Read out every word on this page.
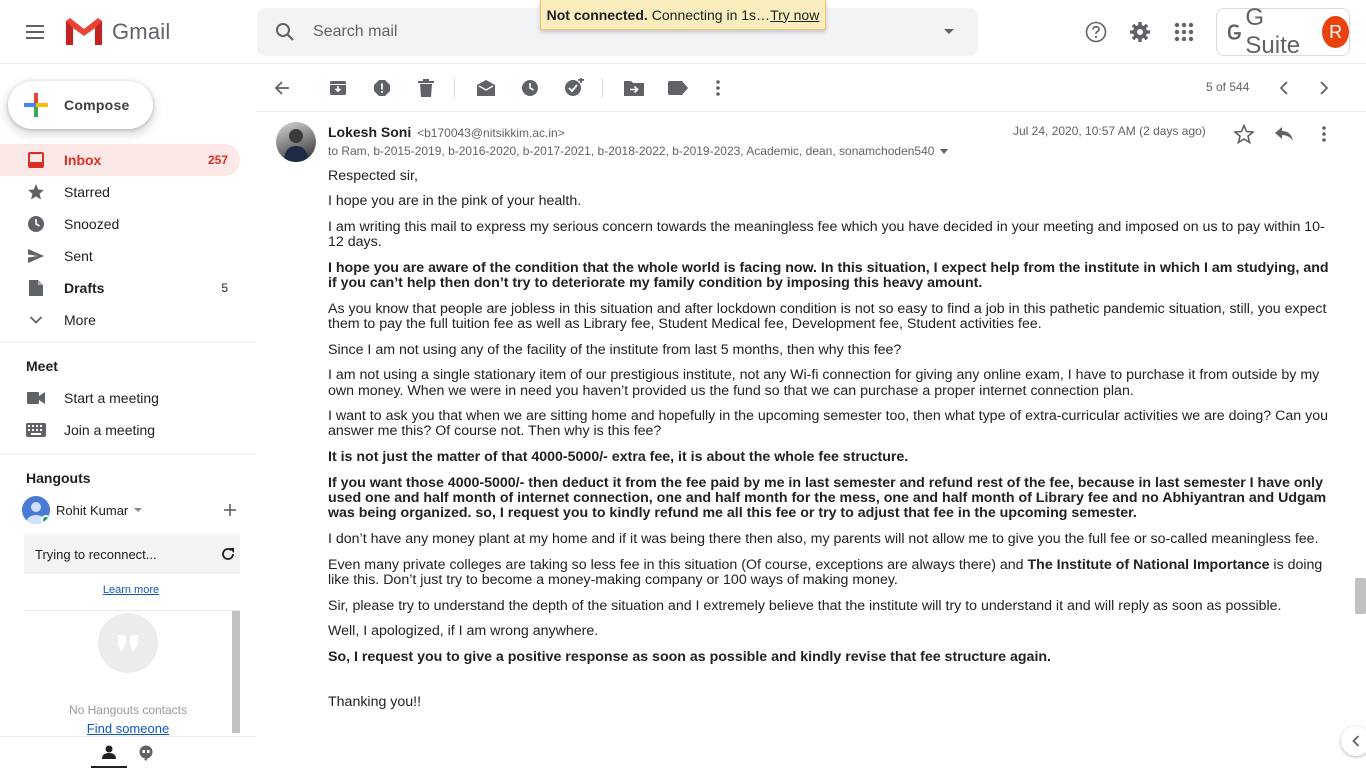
Gmail
Search mail
G Suite
R
Not connected. Connecting in 1s… Try now
Compose
Inbox	257
Starred
Snoozed
Sent
Drafts	5
More
Meet
Start a meeting
Join a meeting
Hangouts
Rohit Kumar
Trying to reconnect...
Learn more
No Hangouts contacts
Find someone
5 of 544
Lokesh Soni <b170043@nitsikkim.ac.in>
to Ram, b-2015-2019, b-2016-2020, b-2017-2021, b-2018-2022, b-2019-2023, Academic, dean, sonamchoden540
Jul 24, 2020, 10:57 AM (2 days ago)

Respected sir,

I hope you are in the pink of your health.

I am writing this mail to express my serious concern towards the meaningless fee which you have decided in your meeting and imposed on us to pay within 10-12 days.

I hope you are aware of the condition that the whole world is facing now. In this situation, I expect help from the institute in which I am studying, and if you can’t help then don’t try to deteriorate my family condition by imposing this heavy amount.

As you know that people are jobless in this situation and after lockdown condition is not so easy to find a job in this pathetic pandemic situation, still, you expect them to pay the full tuition fee as well as Library fee, Student Medical fee, Development fee, Student activities fee.

Since I am not using any of the facility of the institute from last 5 months, then why this fee?

I am not using a single stationary item of our prestigious institute, not any Wi-fi connection for giving any online exam, I have to purchase it from outside by my own money. When we were in need you haven’t provided us the fund so that we can purchase a proper internet connection plan.

I want to ask you that when we are sitting home and hopefully in the upcoming semester too, then what type of extra-curricular activities we are doing? Can you answer me this? Of course not. Then why is this fee?

It is not just the matter of that 4000-5000/- extra fee, it is about the whole fee structure.

If you want those 4000-5000/- then deduct it from the fee paid by me in last semester and refund rest of the fee, because in last semester I have only used one and half month of internet connection, one and half month for the mess, one and half month of Library fee and no Abhiyantran and Udgam was being organized. so, I request you to kindly refund me all this fee or try to adjust that fee in the upcoming semester.

I don’t have any money plant at my home and if it was being there then also, my parents will not allow me to give you the full fee or so-called meaningless fee.

Even many private colleges are taking so less fee in this situation (Of course, exceptions are always there) and The Institute of National Importance is doing like this. Don’t just try to become a money-making company or 100 ways of making money.

Sir, please try to understand the depth of the situation and I extremely believe that the institute will try to understand it and will reply as soon as possible.

Well, I apologized, if I am wrong anywhere.

So, I request you to give a positive response as soon as possible and kindly revise that fee structure again.

Thanking you!!
